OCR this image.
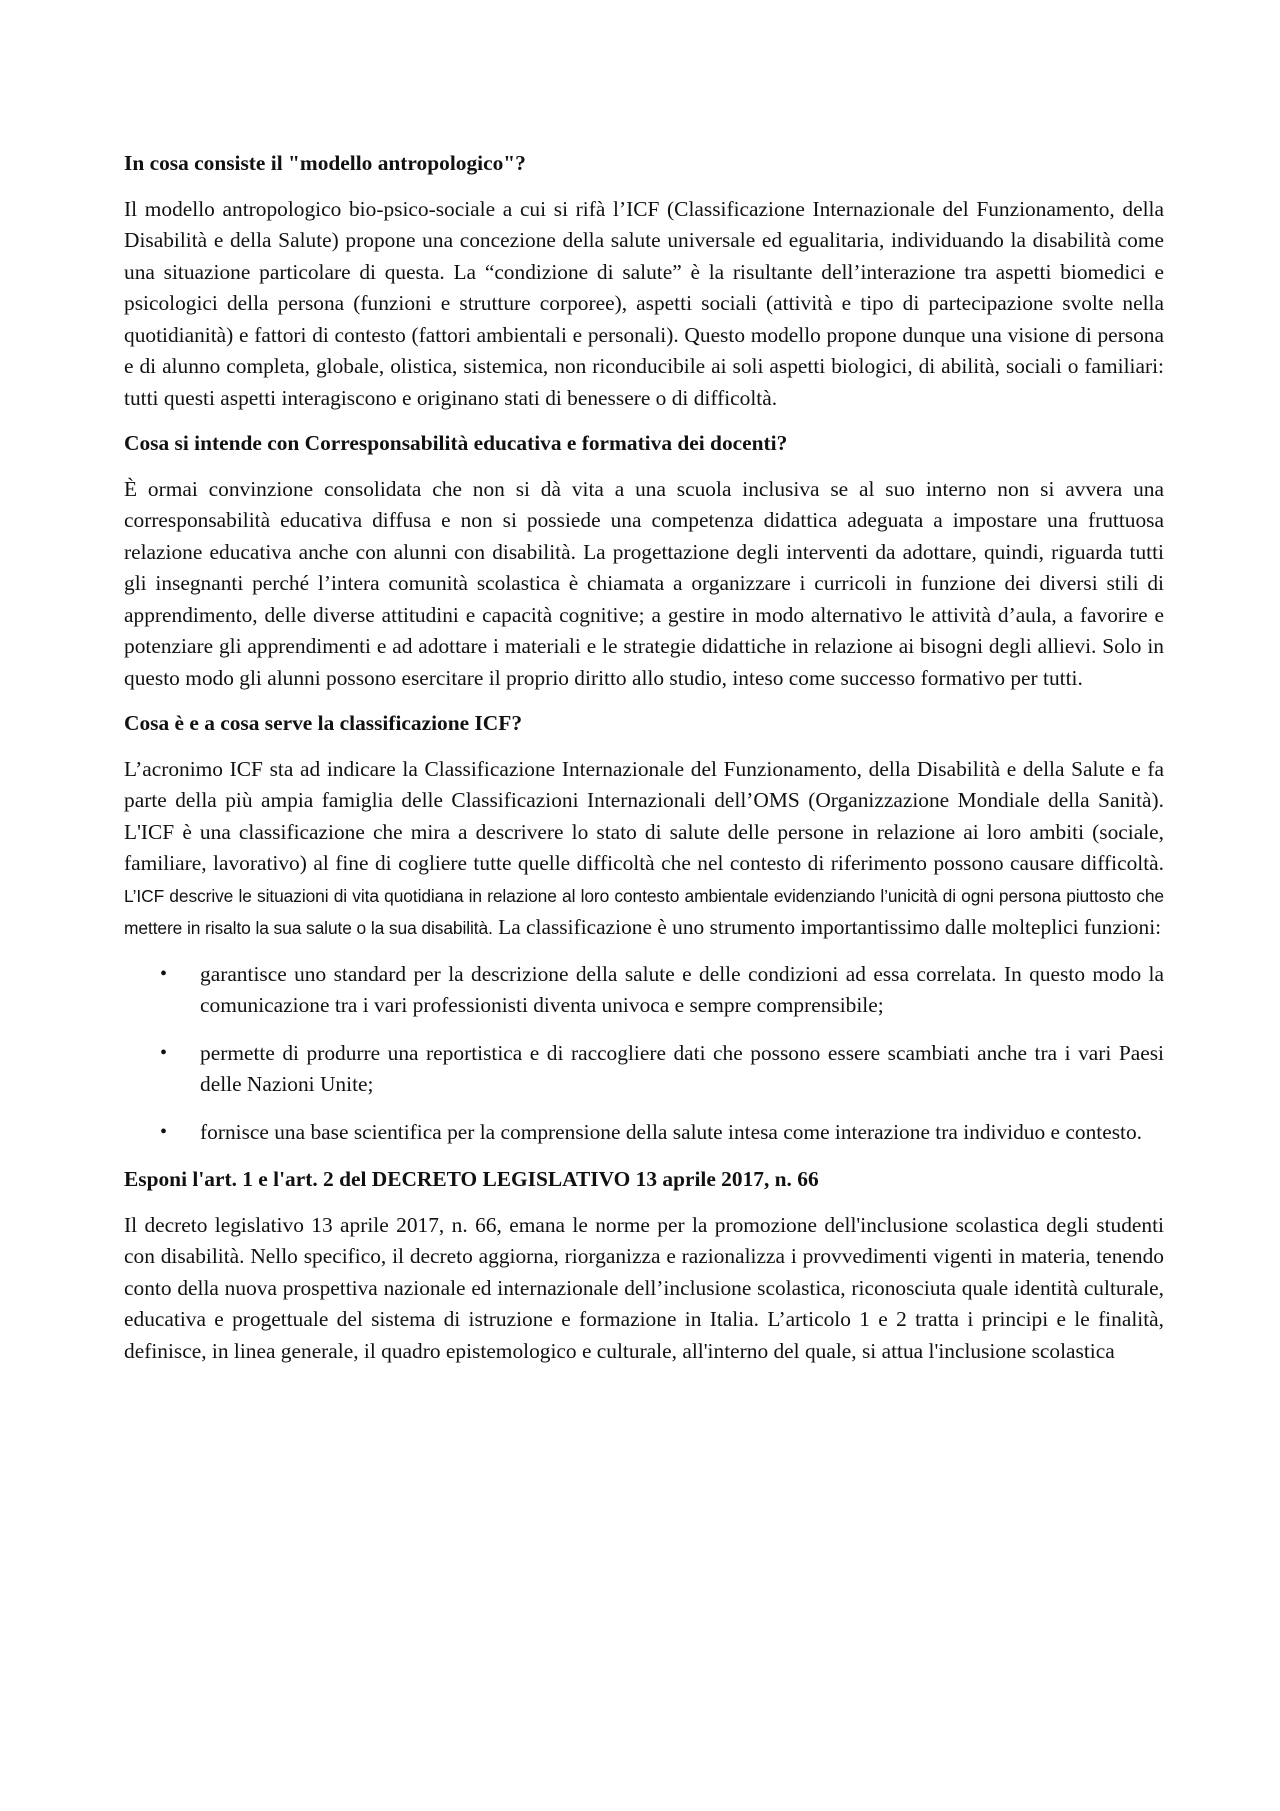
In cosa consiste il "modello antropologico"?

Il modello antropologico bio-psico-sociale a cui si rifà l’ICF (Classificazione Internazionale del Funzionamento, della Disabilità e della Salute) propone una concezione della salute universale ed egualitaria, individuando la disabilità come una situazione particolare di questa. La “condizione di salute” è la risultante dell’interazione tra aspetti biomedici e psicologici della persona (funzioni e strutture corporee), aspetti sociali (attività e tipo di partecipazione svolte nella quotidianità) e fattori di contesto (fattori ambientali e personali). Questo modello propone dunque una visione di persona e di alunno completa, globale, olistica, sistemica, non riconducibile ai soli aspetti biologici, di abilità, sociali o familiari: tutti questi aspetti interagiscono e originano stati di benessere o di difficoltà.

Cosa si intende con Corresponsabilità educativa e formativa dei docenti?

È ormai convinzione consolidata che non si dà vita a una scuola inclusiva se al suo interno non si avvera una corresponsabilità educativa diffusa e non si possiede una competenza didattica adeguata a impostare una fruttuosa relazione educativa anche con alunni con disabilità. La progettazione degli interventi da adottare, quindi, riguarda tutti gli insegnanti perché l’intera comunità scolastica è chiamata a organizzare i curricoli in funzione dei diversi stili di apprendimento, delle diverse attitudini e capacità cognitive; a gestire in modo alternativo le attività d’aula, a favorire e potenziare gli apprendimenti e ad adottare i materiali e le strategie didattiche in relazione ai bisogni degli allievi. Solo in questo modo gli alunni possono esercitare il proprio diritto allo studio, inteso come successo formativo per tutti.

Cosa è e a cosa serve la classificazione ICF?

L’acronimo ICF sta ad indicare la Classificazione Internazionale del Funzionamento, della Disabilità e della Salute e fa parte della più ampia famiglia delle Classificazioni Internazionali dell’OMS (Organizzazione Mondiale della Sanità). L'ICF è una classificazione che mira a descrivere lo stato di salute delle persone in relazione ai loro ambiti (sociale, familiare, lavorativo) al fine di cogliere tutte quelle difficoltà che nel contesto di riferimento possono causare difficoltà. L’ICF descrive le situazioni di vita quotidiana in relazione al loro contesto ambientale evidenziando l’unicità di ogni persona piuttosto che mettere in risalto la sua salute o la sua disabilità. La classificazione è uno strumento importantissimo dalle molteplici funzioni:

• garantisce uno standard per la descrizione della salute e delle condizioni ad essa correlata. In questo modo la comunicazione tra i vari professionisti diventa univoca e sempre comprensibile;
• permette di produrre una reportistica e di raccogliere dati che possono essere scambiati anche tra i vari Paesi delle Nazioni Unite;
• fornisce una base scientifica per la comprensione della salute intesa come interazione tra individuo e contesto.
Esponi l'art. 1 e l'art. 2 del DECRETO LEGISLATIVO 13 aprile 2017, n. 66

Il decreto legislativo 13 aprile 2017, n. 66, emana le norme per la promozione dell'inclusione scolastica degli studenti con disabilità. Nello specifico, il decreto aggiorna, riorganizza e razionalizza i provvedimenti vigenti in materia, tenendo conto della nuova prospettiva nazionale ed internazionale dell’inclusione scolastica, riconosciuta quale identità culturale, educativa e progettuale del sistema di istruzione e formazione in Italia. L’articolo 1 e 2 tratta i principi e le finalità, definisce, in linea generale, il quadro epistemologico e culturale, all'interno del quale, si attua l'inclusione scolastica
